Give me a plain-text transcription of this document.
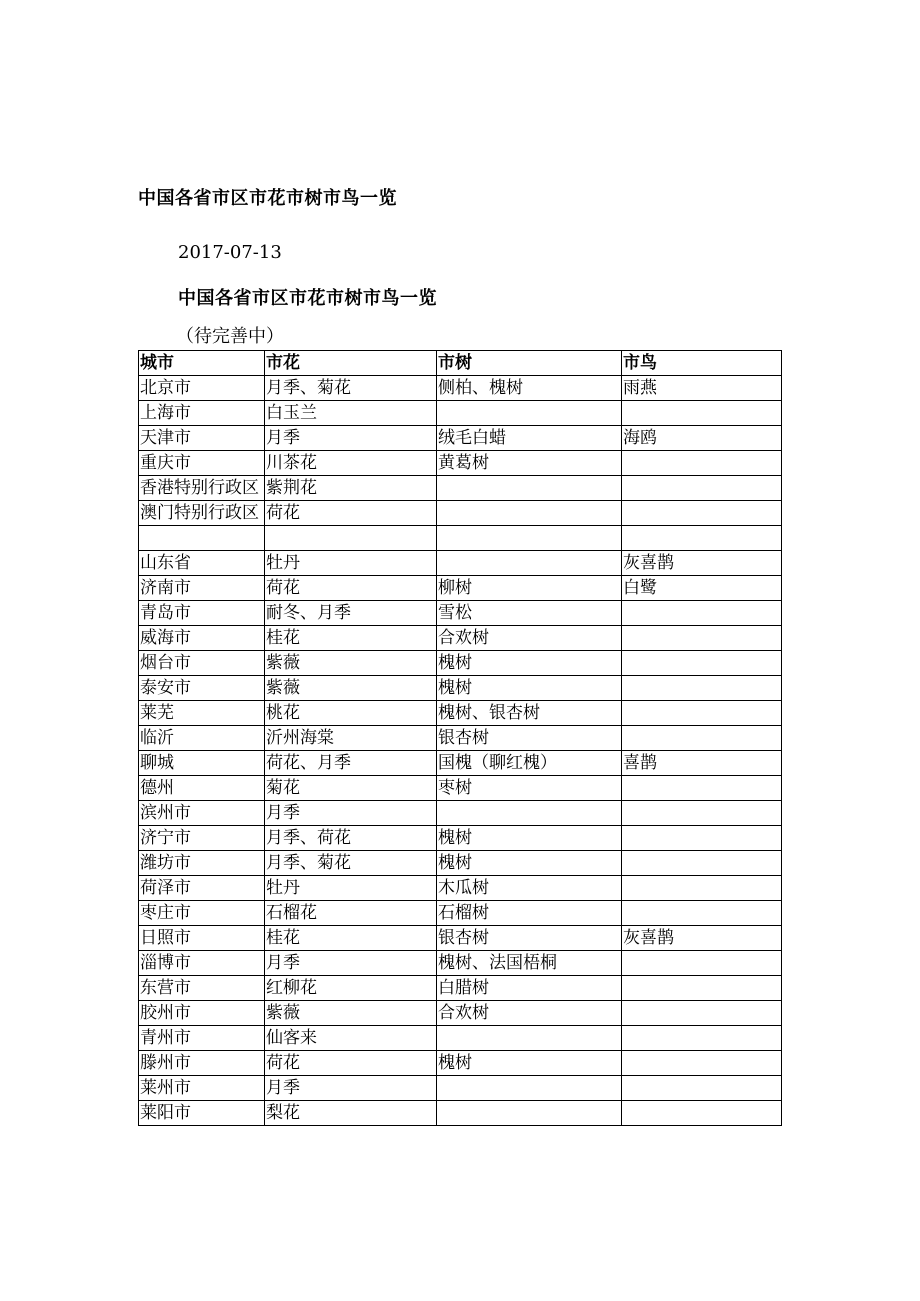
中国各省市区市花市树市鸟一览
2017-07-13
中国各省市区市花市树市鸟一览
（待完善中）
城市	市花	市树	市鸟
北京市	月季、菊花	侧柏、槐树	雨燕
上海市	白玉兰		
天津市	月季	绒毛白蜡	海鸥
重庆市	川茶花	黄葛树	
香港特别行政区	紫荆花		
澳门特别行政区	荷花		

山东省	牡丹		灰喜鹊
济南市	荷花	柳树	白鹭
青岛市	耐冬、月季	雪松	
威海市	桂花	合欢树	
烟台市	紫薇	槐树	
泰安市	紫薇	槐树	
莱芜	桃花	槐树、银杏树	
临沂	沂州海棠	银杏树	
聊城	荷花、月季	国槐（聊红槐）	喜鹊
德州	菊花	枣树	
滨州市	月季		
济宁市	月季、荷花	槐树	
潍坊市	月季、菊花	槐树	
荷泽市	牡丹	木瓜树	
枣庄市	石榴花	石榴树	
日照市	桂花	银杏树	灰喜鹊
淄博市	月季	槐树、法国梧桐	
东营市	红柳花	白腊树	
胶州市	紫薇	合欢树	
青州市	仙客来		
滕州市	荷花	槐树	
莱州市	月季		
莱阳市	梨花		
